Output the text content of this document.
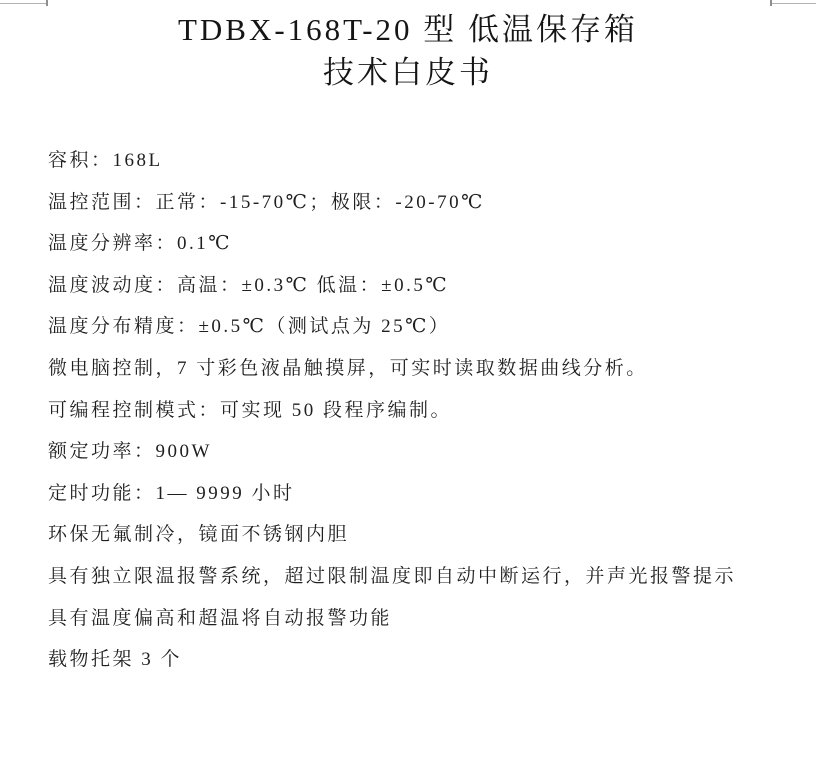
TDBX-168T-20 型 低温保存箱
技术白皮书

容积：168L

温控范围：正常：-15-70℃；极限：-20-70℃

温度分辨率：0.1℃

温度波动度：高温：±0.3℃ 低温：±0.5℃

温度分布精度：±0.5℃（测试点为 25℃）

微电脑控制，7 寸彩色液晶触摸屏，可实时读取数据曲线分析。

可编程控制模式：可实现 50 段程序编制。

额定功率：900W

定时功能：1— 9999 小时

环保无氟制冷，镜面不锈钢内胆

具有独立限温报警系统，超过限制温度即自动中断运行，并声光报警提示

具有温度偏高和超温将自动报警功能

载物托架 3 个
